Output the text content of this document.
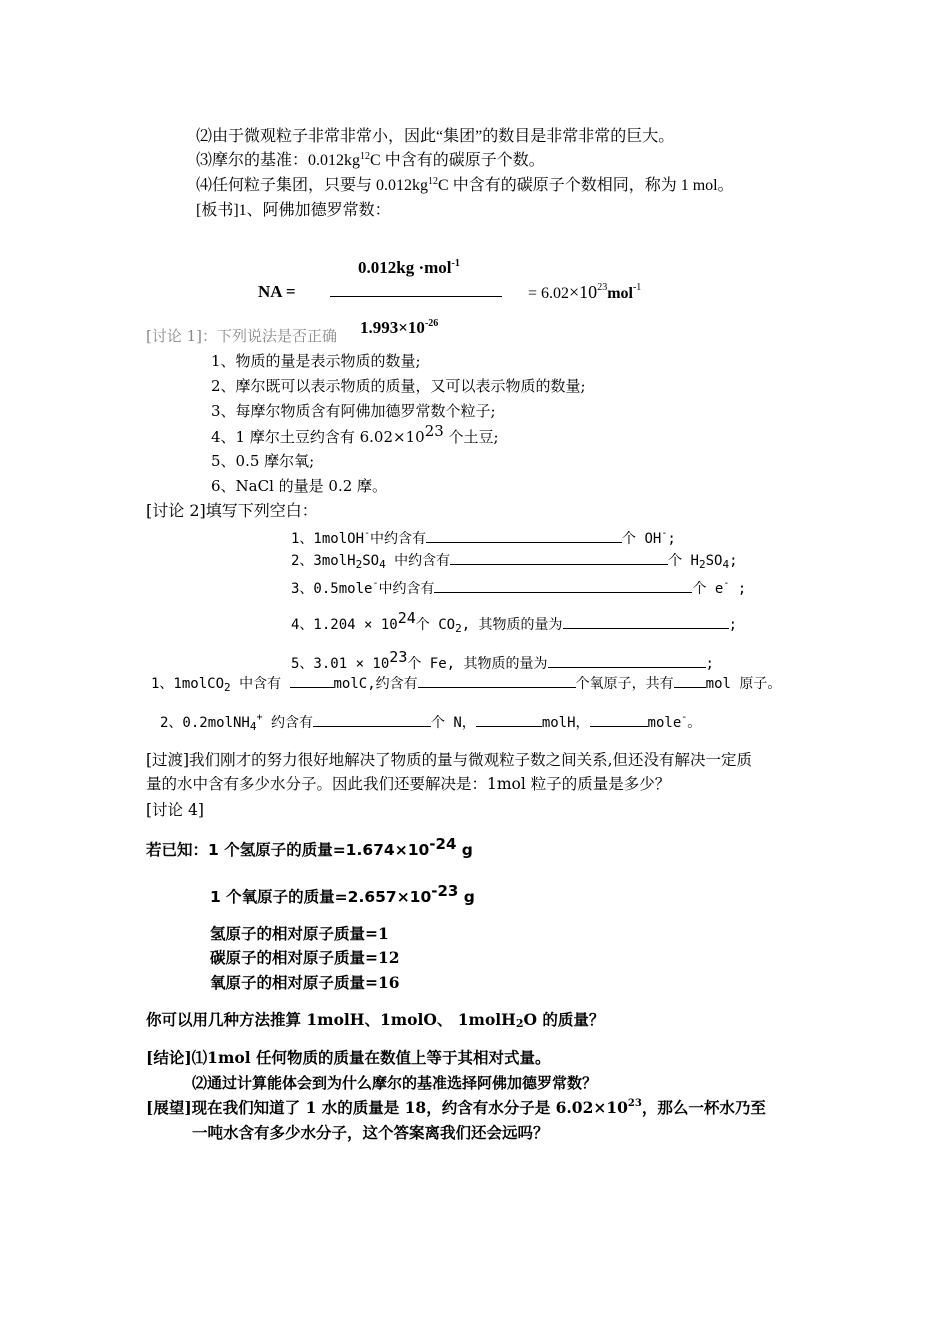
⑵由于微观粒子非常非常小，因此“集团”的数目是非常非常的巨大。
⑶摩尔的基准：$0.012kg^{12}C$ 中含有的碳原子个数。
⑷任何粒子集团，只要与 $0.012kg^{12}C$ 中含有的碳原子个数相同，称为 1 mol。
[板书]1、阿佛加德罗常数：
0.012kg ·mol$^{-1}$
NA =	= $6.02\times 10^{23}mol^{-1}$
[讨论 1]：下列说法是否正确 $1.993\times 10^{-26}$
1、物质的量是表示物质的数量;
2、摩尔既可以表示物质的质量，又可以表示物质的数量;
3、每摩尔物质含有阿佛加德罗常数个粒子;
4、1 摩尔土豆约含有 $6.02\times 10^{23}$ 个土豆;
5、0.5 摩尔氧;
6、NaCl 的量是 0.2 摩。
[讨论 2]填写下列空白：
1、1molOH-中约含有	个 OH-;
2、$3molH_2SO_4$ 中约含有	个 $H_2SO_4$;
3、0.5mole-中约含有	个 e- ;
4、$1.204 \times 10^{24}$个 $CO_2$, 其物质的量为	;
5、$3.01 \times 10^{23}$个 Fe, 其物质的量为	;
1、1molCO$_2$ 中含有	molC,约含有	个氧原子，共有 mol 原子。
2、0.2molNH$_4$+ 约含有	个 N，	molH，	mole-。
[过渡]我们刚才的努力很好地解决了物质的量与微观粒子数之间关系,但还没有解决一定质
量的水中含有多少水分子。因此我们还要解决是：1mol 粒子的质量是多少？
[讨论 4]
若已知：1 个氢原子的质量$=1.674\times 10^{-24}$ g
1 个氧原子的质量$=2.657\times 10^{-23}$ g
氢原子的相对原子质量=1
碳原子的相对原子质量=12
氧原子的相对原子质量=16
你可以用几种方法推算 1molH、1molO、 1molH$_2$O 的质量？
[结论]⑴1mol 任何物质的质量在数值上等于其相对式量。
⑵通过计算能体会到为什么摩尔的基准选择阿佛加德罗常数？
[展望]现在我们知道了 1 水的质量是 18，约含有水分子是 $6.02\times 10^{23}$，那么一杯水乃至
一吨水含有多少水分子，这个答案离我们还会远吗？
